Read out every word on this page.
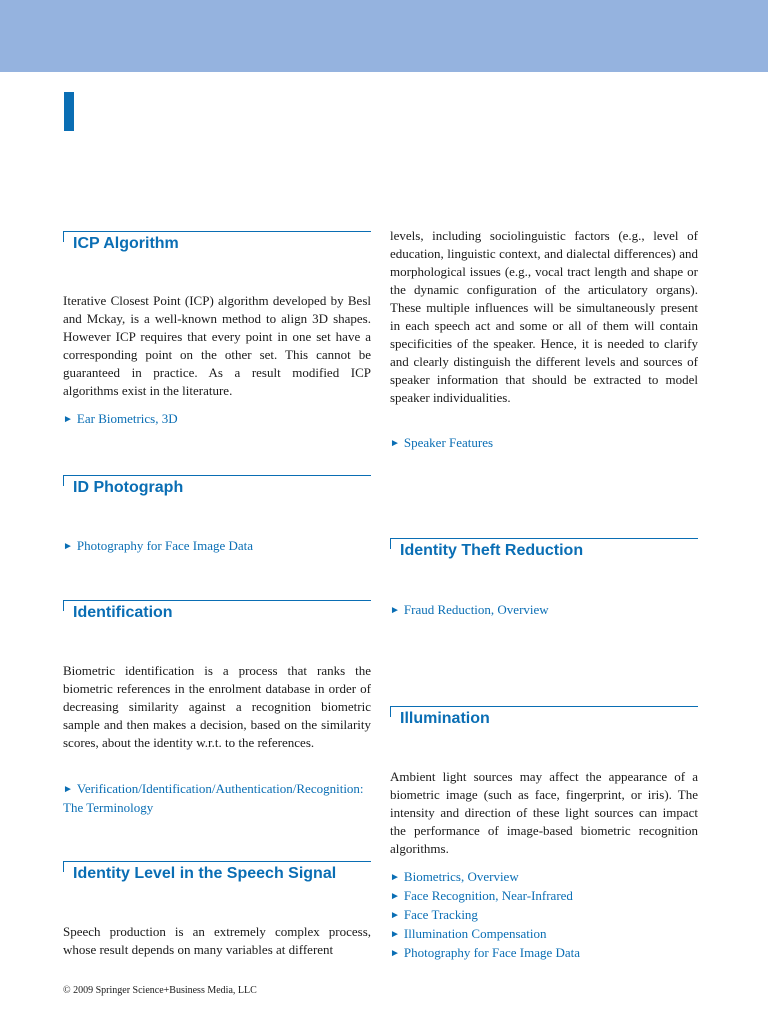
ICP Algorithm

Iterative Closest Point (ICP) algorithm developed by Besl and Mckay, is a well-known method to align 3D shapes. However ICP requires that every point in one set have a corresponding point on the other set. This cannot be guaranteed in practice. As a result modified ICP algorithms exist in the literature.

► Ear Biometrics, 3D
ID Photograph
► Photography for Face Image Data
Identification

Biometric identification is a process that ranks the biometric references in the enrolment database in order of decreasing similarity against a recognition biometric sample and then makes a decision, based on the similarity scores, about the identity w.r.t. to the references.

► Verification/Identification/Authentication/Recognition: The Terminology
Identity Level in the Speech Signal

Speech production is an extremely complex process, whose result depends on many variables at different

levels, including sociolinguistic factors (e.g., level of education, linguistic context, and dialectal differences) and morphological issues (e.g., vocal tract length and shape or the dynamic configuration of the articulatory organs). These multiple influences will be simultaneously present in each speech act and some or all of them will contain specificities of the speaker. Hence, it is needed to clarify and clearly distinguish the different levels and sources of speaker information that should be extracted to model speaker individualities.

► Speaker Features
Identity Theft Reduction
► Fraud Reduction, Overview
Illumination

Ambient light sources may affect the appearance of a biometric image (such as face, fingerprint, or iris). The intensity and direction of these light sources can impact the performance of image-based biometric recognition algorithms.

► Biometrics, Overview
► Face Recognition, Near-Infrared
► Face Tracking
► Illumination Compensation
► Photography for Face Image Data
© 2009 Springer Science+Business Media, LLC
